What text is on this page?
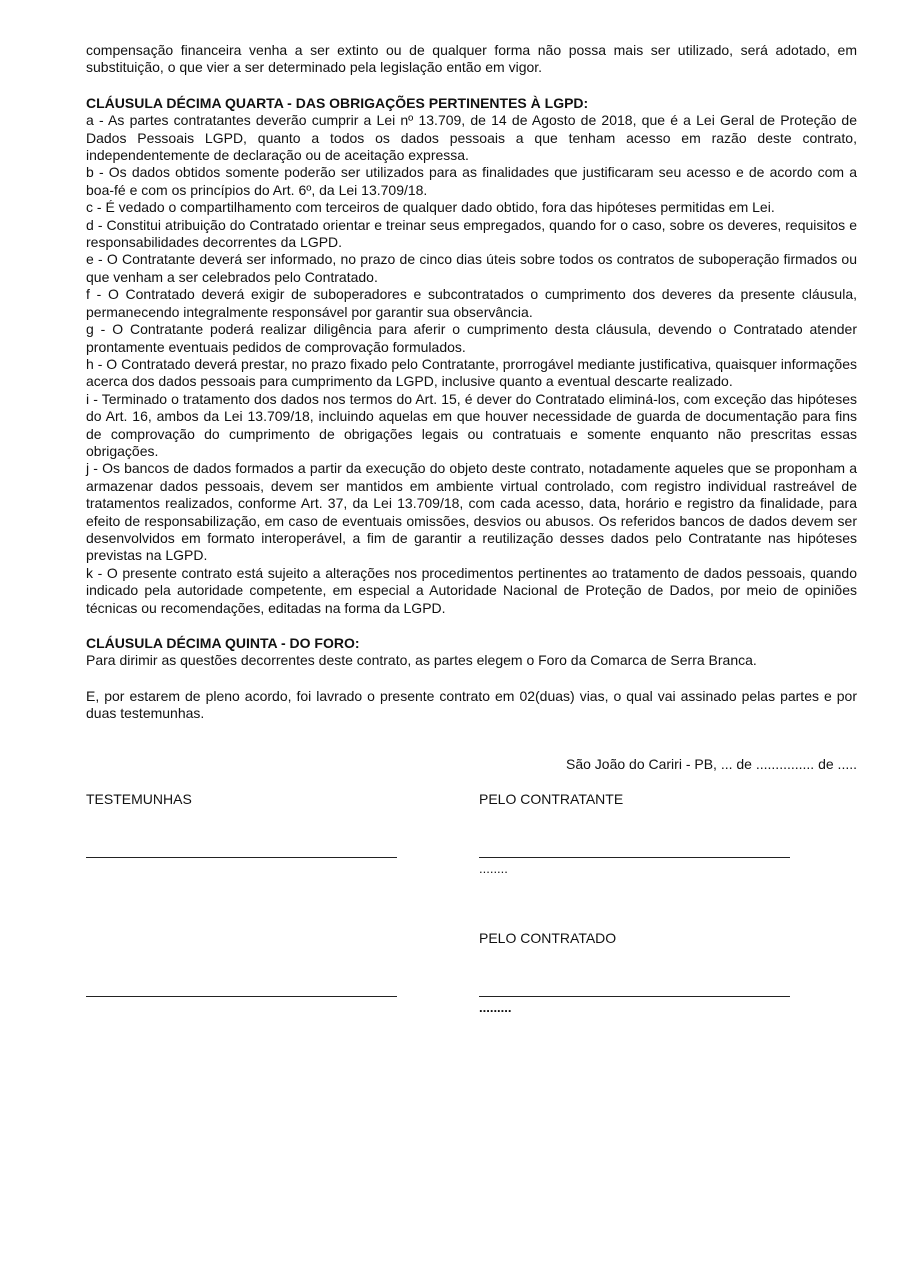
compensação financeira venha a ser extinto ou de qualquer forma não possa mais ser utilizado, será adotado, em substituição, o que vier a ser determinado pela legislação então em vigor.

CLÁUSULA DÉCIMA QUARTA - DAS OBRIGAÇÕES PERTINENTES À LGPD:

a - As partes contratantes deverão cumprir a Lei nº 13.709, de 14 de Agosto de 2018, que é a Lei Geral de Proteção de Dados Pessoais LGPD, quanto a todos os dados pessoais a que tenham acesso em razão deste contrato, independentemente de declaração ou de aceitação expressa.

b - Os dados obtidos somente poderão ser utilizados para as finalidades que justificaram seu acesso e de acordo com a boa-fé e com os princípios do Art. 6º, da Lei 13.709/18.

c - É vedado o compartilhamento com terceiros de qualquer dado obtido, fora das hipóteses permitidas em Lei.

d - Constitui atribuição do Contratado orientar e treinar seus empregados, quando for o caso, sobre os deveres, requisitos e responsabilidades decorrentes da LGPD.

e - O Contratante deverá ser informado, no prazo de cinco dias úteis sobre todos os contratos de suboperação firmados ou que venham a ser celebrados pelo Contratado.

f - O Contratado deverá exigir de suboperadores e subcontratados o cumprimento dos deveres da presente cláusula, permanecendo integralmente responsável por garantir sua observância.

g - O Contratante poderá realizar diligência para aferir o cumprimento desta cláusula, devendo o Contratado atender prontamente eventuais pedidos de comprovação formulados.

h - O Contratado deverá prestar, no prazo fixado pelo Contratante, prorrogável mediante justificativa, quaisquer informações acerca dos dados pessoais para cumprimento da LGPD, inclusive quanto a eventual descarte realizado.

i - Terminado o tratamento dos dados nos termos do Art. 15, é dever do Contratado eliminá-los, com exceção das hipóteses do Art. 16, ambos da Lei 13.709/18, incluindo aquelas em que houver necessidade de guarda de documentação para fins de comprovação do cumprimento de obrigações legais ou contratuais e somente enquanto não prescritas essas obrigações.

j - Os bancos de dados formados a partir da execução do objeto deste contrato, notadamente aqueles que se proponham a armazenar dados pessoais, devem ser mantidos em ambiente virtual controlado, com registro individual rastreável de tratamentos realizados, conforme Art. 37, da Lei 13.709/18, com cada acesso, data, horário e registro da finalidade, para efeito de responsabilização, em caso de eventuais omissões, desvios ou abusos. Os referidos bancos de dados devem ser desenvolvidos em formato interoperável, a fim de garantir a reutilização desses dados pelo Contratante nas hipóteses previstas na LGPD.

k - O presente contrato está sujeito a alterações nos procedimentos pertinentes ao tratamento de dados pessoais, quando indicado pela autoridade competente, em especial a Autoridade Nacional de Proteção de Dados, por meio de opiniões técnicas ou recomendações, editadas na forma da LGPD.

CLÁUSULA DÉCIMA QUINTA - DO FORO:

Para dirimir as questões decorrentes deste contrato, as partes elegem o Foro da Comarca de Serra Branca.

E, por estarem de pleno acordo, foi lavrado o presente contrato em 02(duas) vias, o qual vai assinado pelas partes e por duas testemunhas.

São João do Cariri - PB, ... de ............... de .....
TESTEMUNHAS	PELO CONTRATANTE
........
PELO CONTRATADO
.........
